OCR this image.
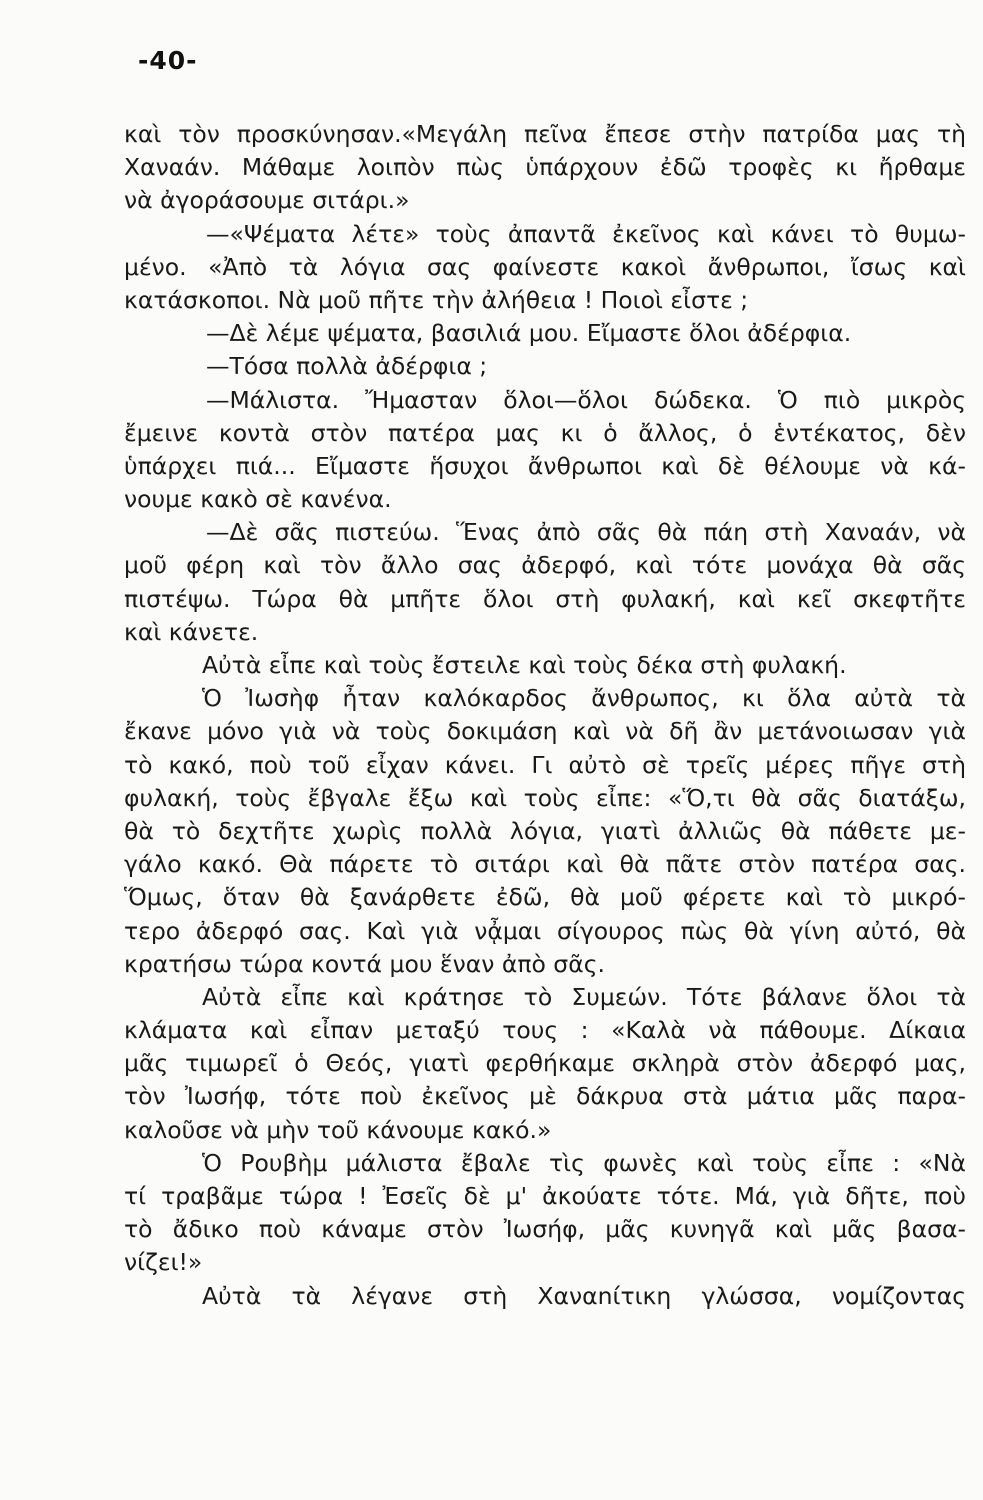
-40-
καὶ τὸν προσκύνησαν.«Μεγάλη πεῖνα ἔπεσε στὴν πατρίδα μας τὴ
Χαναάν. Μάθαμε λοιπὸν πὼς ὑπάρχουν ἐδῶ τροφὲς κι ἤρθαμε
νὰ ἀγοράσουμε σιτάρι.»
—«Ψέματα λέτε» τοὺς ἀπαντᾶ ἐκεῖνος καὶ κάνει τὸ θυμω-
μένο. «Ἀπὸ τὰ λόγια σας φαίνεστε κακοὶ ἄνθρωποι, ἴσως καὶ
κατάσκοποι. Νὰ μοῦ πῆτε τὴν ἀλήθεια ! Ποιοὶ εἶστε ;
—Δὲ λέμε ψέματα, βασιλιά μου. Εἴμαστε ὅλοι ἀδέρφια.
—Τόσα πολλὰ ἀδέρφια ;
—Μάλιστα. Ἤμασταν ὅλοι—ὅλοι δώδεκα. Ὁ πιὸ μικρὸς
ἔμεινε κοντὰ στὸν πατέρα μας κι ὁ ἄλλος, ὁ ἑντέκατος, δὲν
ὑπάρχει πιά... Εἴμαστε ἥσυχοι ἄνθρωποι καὶ δὲ θέλουμε νὰ κά-
νουμε κακὸ σὲ κανένα.
—Δὲ σᾶς πιστεύω. Ἕνας ἀπὸ σᾶς θὰ πάη στὴ Χαναάν, νὰ
μοῦ φέρη καὶ τὸν ἄλλο σας ἀδερφό, καὶ τότε μονάχα θὰ σᾶς
πιστέψω. Τώρα θὰ μπῆτε ὅλοι στὴ φυλακή, καὶ κεῖ σκεφτῆτε
καὶ κάνετε.
Αὐτὰ εἶπε καὶ τοὺς ἔστειλε καὶ τοὺς δέκα στὴ φυλακή.
Ὁ Ἰωσὴφ ἦταν καλόκαρδος ἄνθρωπος, κι ὅλα αὐτὰ τὰ
ἔκανε μόνο γιὰ νὰ τοὺς δοκιμάση καὶ νὰ δῆ ἂν μετάνοιωσαν γιὰ
τὸ κακό, ποὺ τοῦ εἶχαν κάνει. Γι αὐτὸ σὲ τρεῖς μέρες πῆγε στὴ
φυλακή, τοὺς ἔβγαλε ἔξω καὶ τοὺς εἶπε: «Ὅ,τι θὰ σᾶς διατάξω,
θὰ τὸ δεχτῆτε χωρὶς πολλὰ λόγια, γιατὶ ἀλλιῶς θὰ πάθετε με-
γάλο κακό. Θὰ πάρετε τὸ σιτάρι καὶ θὰ πᾶτε στὸν πατέρα σας.
Ὅμως, ὅταν θὰ ξανάρθετε ἐδῶ, θὰ μοῦ φέρετε καὶ τὸ μικρό-
τερο ἀδερφό σας. Καὶ γιὰ νᾆμαι σίγουρος πὼς θὰ γίνη αὐτό, θὰ
κρατήσω τώρα κοντά μου ἕναν ἀπὸ σᾶς.
Αὐτὰ εἶπε καὶ κράτησε τὸ Συμεών. Τότε βάλανε ὅλοι τὰ
κλάματα καὶ εἶπαν μεταξύ τους : «Καλὰ νὰ πάθουμε. Δίκαια
μᾶς τιμωρεῖ ὁ Θεός, γιατὶ φερθήκαμε σκληρὰ στὸν ἀδερφό μας,
τὸν Ἰωσήφ, τότε ποὺ ἐκεῖνος μὲ δάκρυα στὰ μάτια μᾶς παρα-
καλοῦσε νὰ μὴν τοῦ κάνουμε κακό.»
Ὁ Ρουβὴμ μάλιστα ἔβαλε τὶς φωνὲς καὶ τοὺς εἶπε : «Νὰ
τί τραβᾶμε τώρα ! Ἐσεῖς δὲ μ' ἀκούατε τότε. Μά, γιὰ δῆτε, ποὺ
τὸ ἄδικο ποὺ κάναμε στὸν Ἰωσήφ, μᾶς κυνηγᾶ καὶ μᾶς βασα-
νίζει!»
Αὐτὰ τὰ λέγανε στὴ Χαναnίτικη γλώσσα, νομίζοντας
